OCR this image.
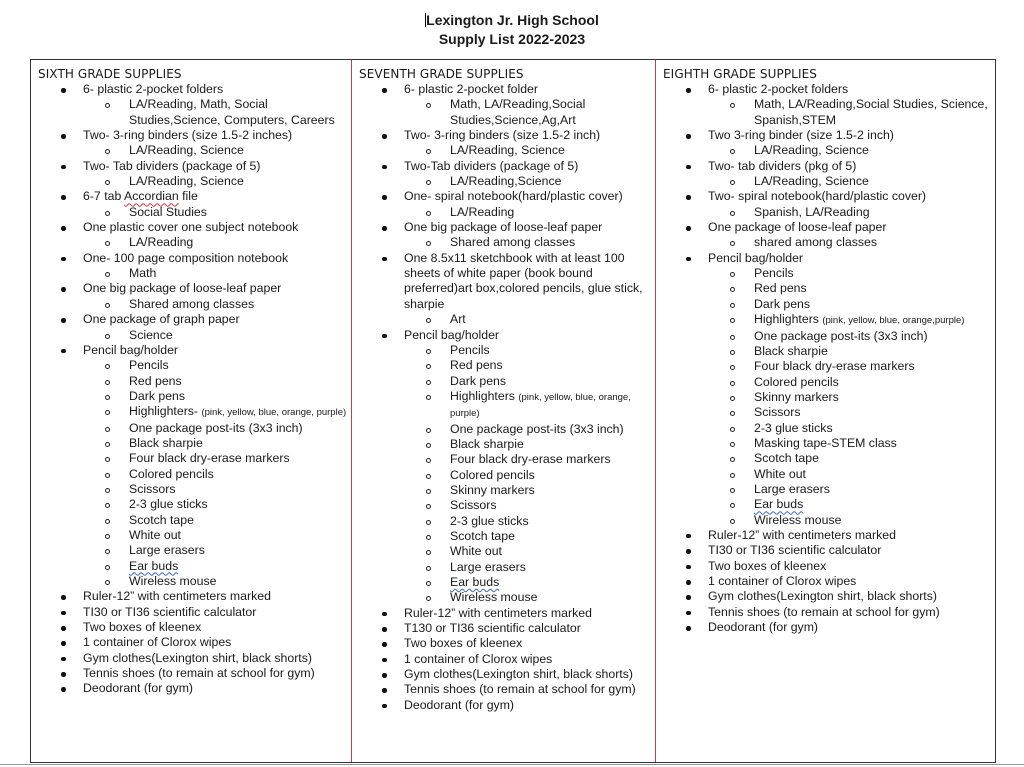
Lexington Jr. High School
Supply List 2022-2023
SIXTH GRADE SUPPLIES
6- plastic 2-pocket folders
LA/Reading, Math, Social Studies,Science, Computers, Careers
Two- 3-ring binders (size 1.5-2 inches)
LA/Reading, Science
Two- Tab dividers (package of 5)
LA/Reading, Science
6-7 tab Accordian file
Social Studies
One plastic cover one subject notebook
LA/Reading
One- 100 page composition notebook
Math
One big package of loose-leaf paper
Shared among classes
One package of graph paper
Science
Pencil bag/holder
Pencils
Red pens
Dark pens
Highlighters- (pink, yellow, blue, orange, purple)
One package post-its (3x3 inch)
Black sharpie
Four black dry-erase markers
Colored pencils
Scissors
2-3 glue sticks
Scotch tape
White out
Large erasers
Ear buds
Wireless mouse
Ruler-12” with centimeters marked
TI30 or TI36 scientific calculator
Two boxes of kleenex
1 container of Clorox wipes
Gym clothes(Lexington shirt, black shorts)
Tennis shoes (to remain at school for gym)
Deodorant (for gym)
SEVENTH GRADE SUPPLIES
6- plastic 2-pocket folder
Math, LA/Reading,Social Studies,Science,Ag,Art
Two- 3-ring binders (size 1.5-2 inch)
LA/Reading, Science
Two-Tab dividers (package of 5)
LA/Reading,Science
One- spiral notebook(hard/plastic cover)
LA/Reading
One big package of loose-leaf paper
Shared among classes
One 8.5x11 sketchbook with at least 100 sheets of white paper (book bound preferred)art box,colored pencils, glue stick, sharpie
Art
Pencil bag/holder
Pencils
Red pens
Dark pens
Highlighters (pink, yellow, blue, orange, purple)
One package post-its (3x3 inch)
Black sharpie
Four black dry-erase markers
Colored pencils
Skinny markers
Scissors
2-3 glue sticks
Scotch tape
White out
Large erasers
Ear buds
Wireless mouse
Ruler-12” with centimeters marked
T130 or TI36 scientific calculator
Two boxes of kleenex
1 container of Clorox wipes
Gym clothes(Lexington shirt, black shorts)
Tennis shoes (to remain at school for gym)
Deodorant (for gym)
EIGHTH GRADE SUPPLIES
6- plastic 2-pocket folders
Math, LA/Reading,Social Studies, Science, Spanish,STEM
Two 3-ring binder (size 1.5-2 inch)
LA/Reading, Science
Two- tab dividers (pkg of 5)
LA/Reading, Science
Two- spiral notebook(hard/plastic cover)
Spanish, LA/Reading
One package of loose-leaf paper
shared among classes
Pencil bag/holder
Pencils
Red pens
Dark pens
Highlighters (pink, yellow, blue, orange,purple)
One package post-its (3x3 inch)
Black sharpie
Four black dry-erase markers
Colored pencils
Skinny markers
Scissors
2-3 glue sticks
Masking tape-STEM class
Scotch tape
White out
Large erasers
Ear buds
Wireless mouse
Ruler-12” with centimeters marked
TI30 or TI36 scientific calculator
Two boxes of kleenex
1 container of Clorox wipes
Gym clothes(Lexington shirt, black shorts)
Tennis shoes (to remain at school for gym)
Deodorant (for gym)
